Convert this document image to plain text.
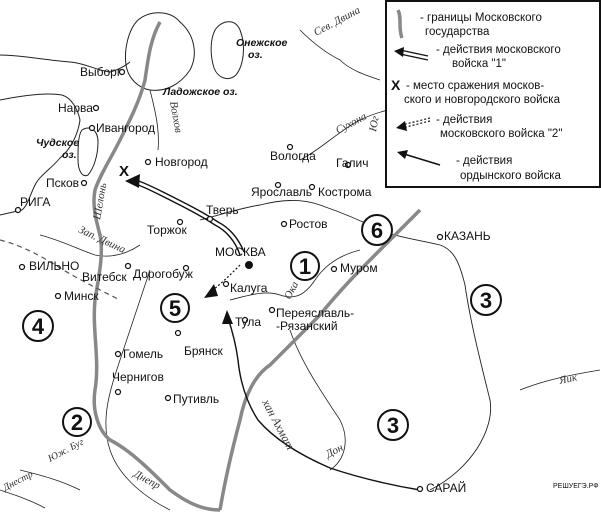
X
Выборг
Нарва
Ивангород
Новгород
Псков
РИГА
ВИЛЬНО
Витебск
Минск
Торжок
Тверь
МОСКВА
Дорогобуж
Калуга
Тула
Брянск
Гомель
Чернигов
Путивль
Вологда Галич
Ярославль Кострома
Ростов
Муром
Переяславль-
-Рязанский
КАЗАНЬ
САРАЙ
Онежское
оз.
Ладожское оз.
Чудское
оз.
Волхов
Сев. Двина
Сухона
Юг
Шелонь
Зап. Двина
Ока
хан Ахмат Дон
Яик
Днепр
Юж. Буг
Днестр
1
2
3
3
4
5
6
- границы Московского
государства
- действия московского
войска "1"
X - место сражения москов-
ского и новгородского войска
- действия
московского войска "2"
- действия
ордынского войска
РЕШУЕГЭ.РФ
